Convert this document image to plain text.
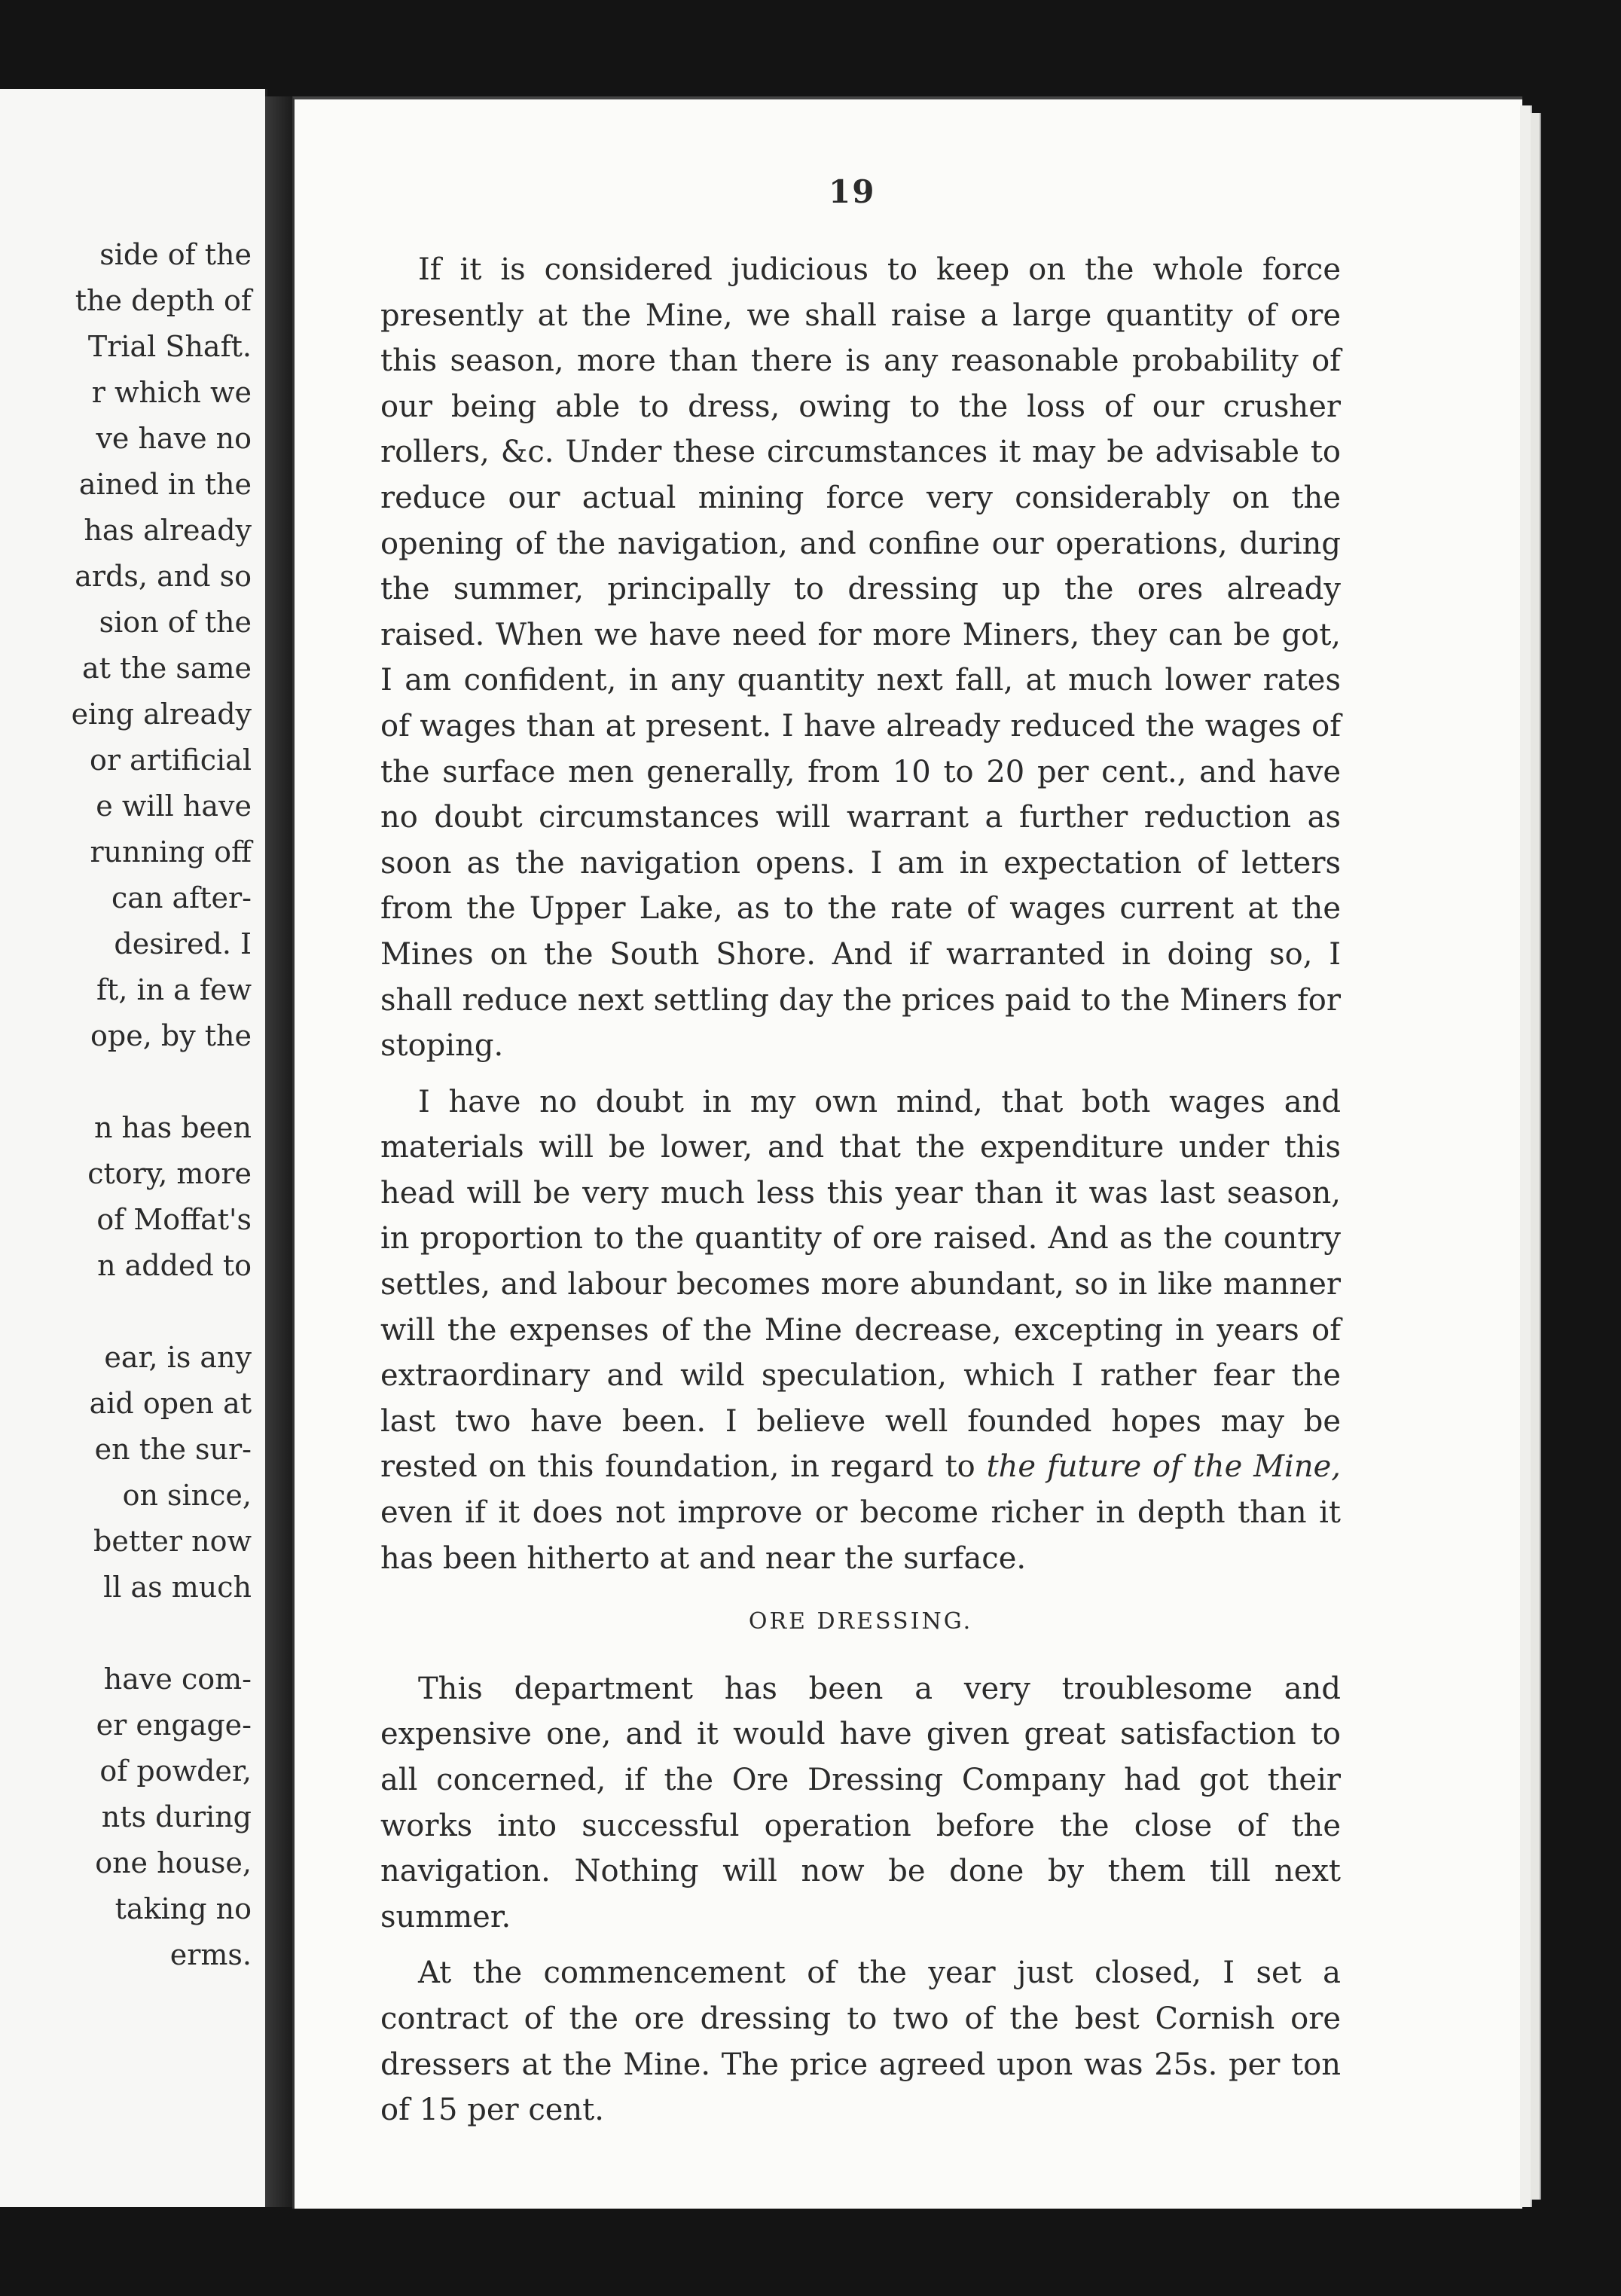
side of the
the depth of
Trial Shaft.
r which we
ve have no
ained in the
has already
ards, and so
sion of the
at the same
eing already
or artificial
e will have
running off
can after-
desired. I
ft, in a few
ope, by the
n has been
ctory, more
of Moffat's
n added to
ear, is any
aid open at
en the sur-
on since,
better now
ll as much
have com-
er engage-
of powder,
nts during
one house,
taking no
erms.
19

If it is considered judicious to keep on the whole force presently at the Mine, we shall raise a large quantity of ore this season, more than there is any reasonable probability of our being able to dress, owing to the loss of our crusher rollers, &c. Under these circumstances it may be advisable to reduce our actual mining force very considerably on the opening of the navigation, and confine our operations, during the summer, principally to dressing up the ores already raised. When we have need for more Miners, they can be got, I am confident, in any quantity next fall, at much lower rates of wages than at present. I have already reduced the wages of the surface men generally, from 10 to 20 per cent., and have no doubt circumstances will warrant a further reduction as soon as the navigation opens. I am in expectation of letters from the Upper Lake, as to the rate of wages current at the Mines on the South Shore. And if warranted in doing so, I shall reduce next settling day the prices paid to the Miners for stoping.

I have no doubt in my own mind, that both wages and materials will be lower, and that the expenditure under this head will be very much less this year than it was last season, in proportion to the quantity of ore raised. And as the country settles, and labour becomes more abundant, so in like manner will the expenses of the Mine decrease, excepting in years of extraordinary and wild speculation, which I rather fear the last two have been. I believe well founded hopes may be rested on this foundation, in regard to the future of the Mine, even if it does not improve or become richer in depth than it has been hitherto at and near the surface.

ORE DRESSING.

This department has been a very troublesome and expensive one, and it would have given great satisfaction to all concerned, if the Ore Dressing Company had got their works into successful operation before the close of the navigation. Nothing will now be done by them till next summer.

At the commencement of the year just closed, I set a contract of the ore dressing to two of the best Cornish ore dressers at the Mine. The price agreed upon was 25s. per ton of 15 per cent.
